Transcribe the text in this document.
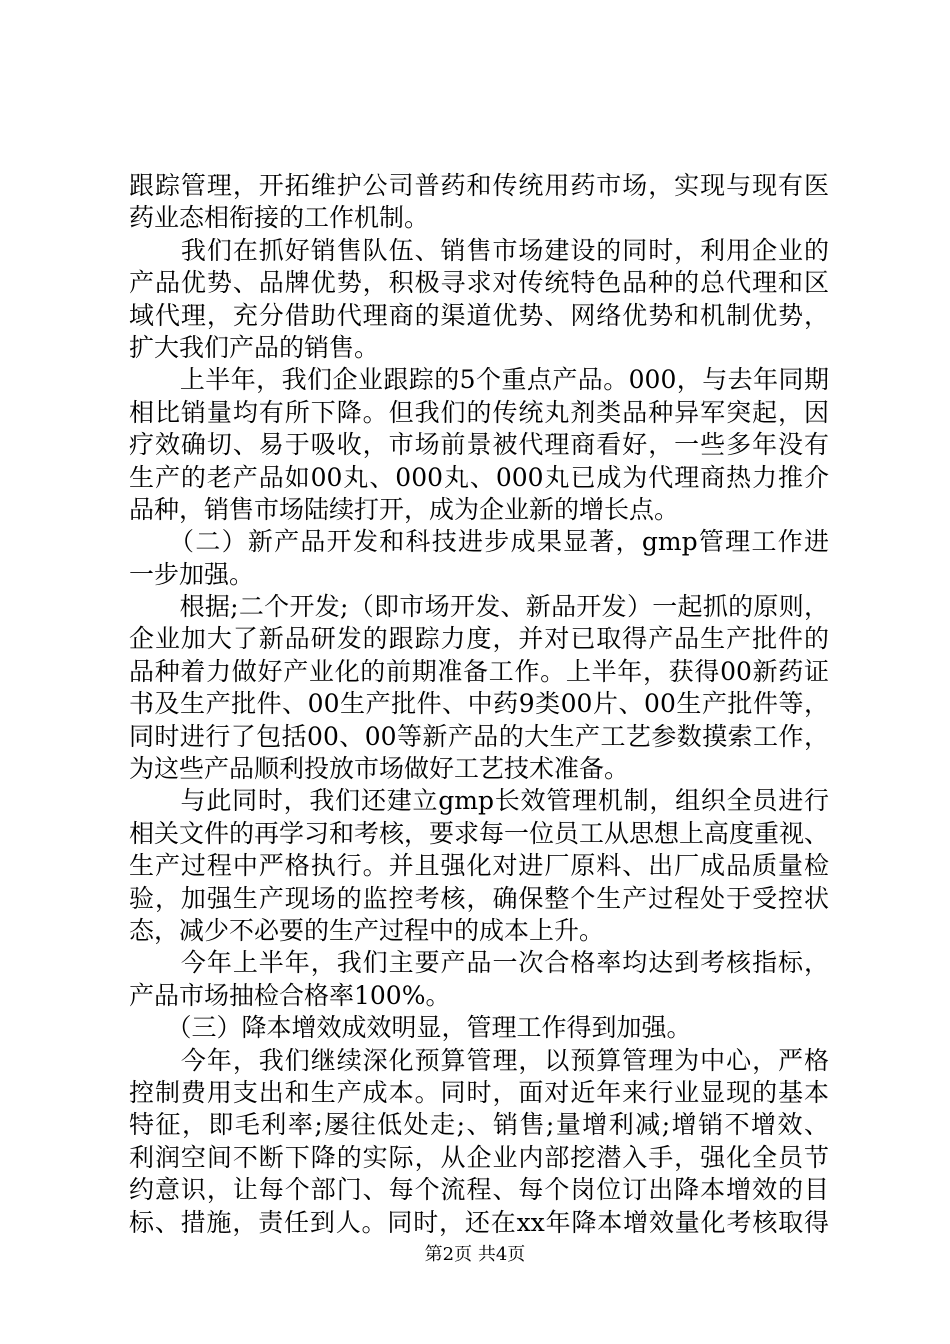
跟踪管理，开拓维护公司普药和传统用药市场，实现与现有医
药业态相衔接的工作机制。
　　我们在抓好销售队伍、销售市场建设的同时，利用企业的
产品优势、品牌优势，积极寻求对传统特色品种的总代理和区
域代理，充分借助代理商的渠道优势、网络优势和机制优势，
扩大我们产品的销售。
　　上半年，我们企业跟踪的5个重点产品。000，与去年同期
相比销量均有所下降。但我们的传统丸剂类品种异军突起，因
疗效确切、易于吸收，市场前景被代理商看好，一些多年没有
生产的老产品如00丸、000丸、000丸已成为代理商热力推介
品种，销售市场陆续打开，成为企业新的增长点。
　　（二）新产品开发和科技进步成果显著，gmp管理工作进
一步加强。
　　根据;二个开发;（即市场开发、新品开发）一起抓的原则，
企业加大了新品研发的跟踪力度，并对已取得产品生产批件的
品种着力做好产业化的前期准备工作。上半年，获得00新药证
书及生产批件、00生产批件、中药9类00片、00生产批件等，
同时进行了包括00、00等新产品的大生产工艺参数摸索工作，
为这些产品顺利投放市场做好工艺技术准备。
　　与此同时，我们还建立gmp长效管理机制，组织全员进行
相关文件的再学习和考核，要求每一位员工从思想上高度重视、
生产过程中严格执行。并且强化对进厂原料、出厂成品质量检
验，加强生产现场的监控考核，确保整个生产过程处于受控状
态，减少不必要的生产过程中的成本上升。
　　今年上半年，我们主要产品一次合格率均达到考核指标，
产品市场抽检合格率100%。
　　（三）降本增效成效明显，管理工作得到加强。
　　今年，我们继续深化预算管理，以预算管理为中心，严格
控制费用支出和生产成本。同时，面对近年来行业显现的基本
特征，即毛利率;屡往低处走;、销售;量增利减;增销不增效、
利润空间不断下降的实际，从企业内部挖潜入手，强化全员节
约意识，让每个部门、每个流程、每个岗位订出降本增效的目
标、措施，责任到人。同时，还在xx年降本增效量化考核取得
第2页 共4页
